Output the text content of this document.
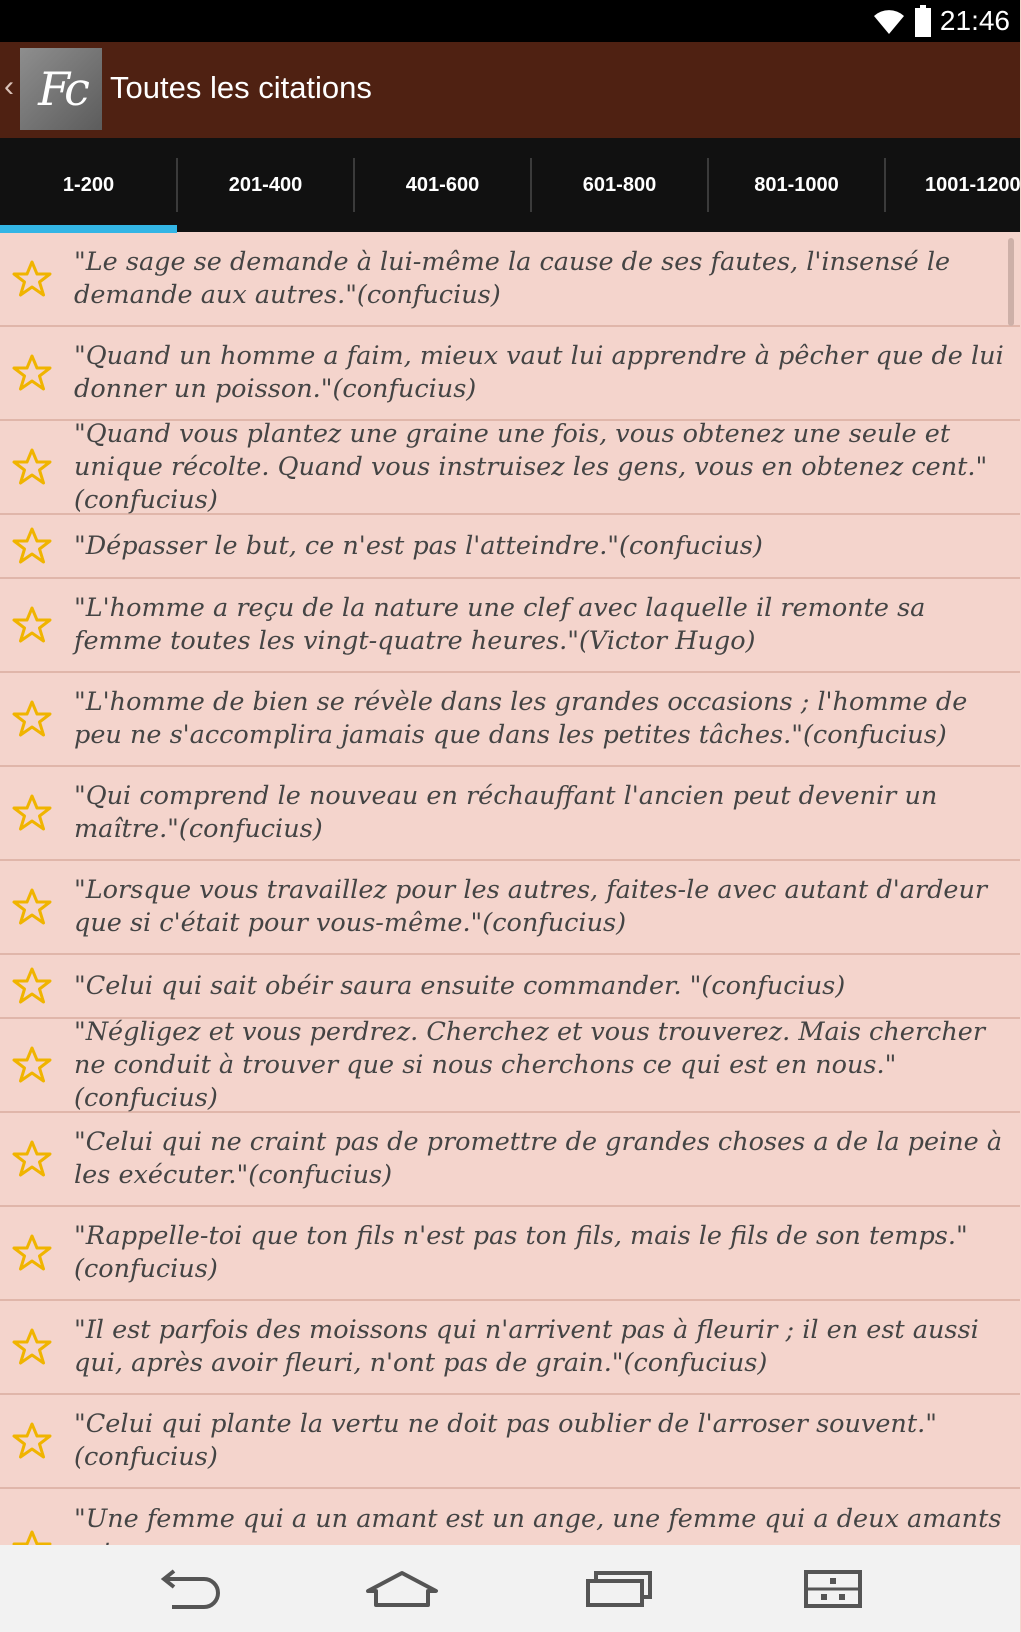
21:46
‹ Fc Toutes les citations
1-200	201-400	401-600	601-800	801-1000	1001-1200
"Le sage se demande à lui-même la cause de ses fautes, l'insensé le demande aux autres."(confucius)
"Quand un homme a faim, mieux vaut lui apprendre à pêcher que de lui donner un poisson."(confucius)
"Quand vous plantez une graine une fois, vous obtenez une seule et unique récolte. Quand vous instruisez les gens, vous en obtenez cent."(confucius)
"Dépasser le but, ce n'est pas l'atteindre."(confucius)
"L'homme a reçu de la nature une clef avec laquelle il remonte sa femme toutes les vingt-quatre heures."(Victor Hugo)
"L'homme de bien se révèle dans les grandes occasions ; l'homme de peu ne s'accomplira jamais que dans les petites tâches."(confucius)
"Qui comprend le nouveau en réchauffant l'ancien peut devenir un maître."(confucius)
"Lorsque vous travaillez pour les autres, faites-le avec autant d'ardeur que si c'était pour vous-même."(confucius)
"Celui qui sait obéir saura ensuite commander. "(confucius)
"Négligez et vous perdrez. Cherchez et vous trouverez. Mais chercher ne conduit à trouver que si nous cherchons ce qui est en nous."(confucius)
"Celui qui ne craint pas de promettre de grandes choses a de la peine à les exécuter."(confucius)
"Rappelle-toi que ton fils n'est pas ton fils, mais le fils de son temps."(confucius)
"Il est parfois des moissons qui n'arrivent pas à fleurir ; il en est aussi qui, après avoir fleuri, n'ont pas de grain."(confucius)
"Celui qui plante la vertu ne doit pas oublier de l'arroser souvent."(confucius)
"Une femme qui a un amant est un ange, une femme qui a deux amants
